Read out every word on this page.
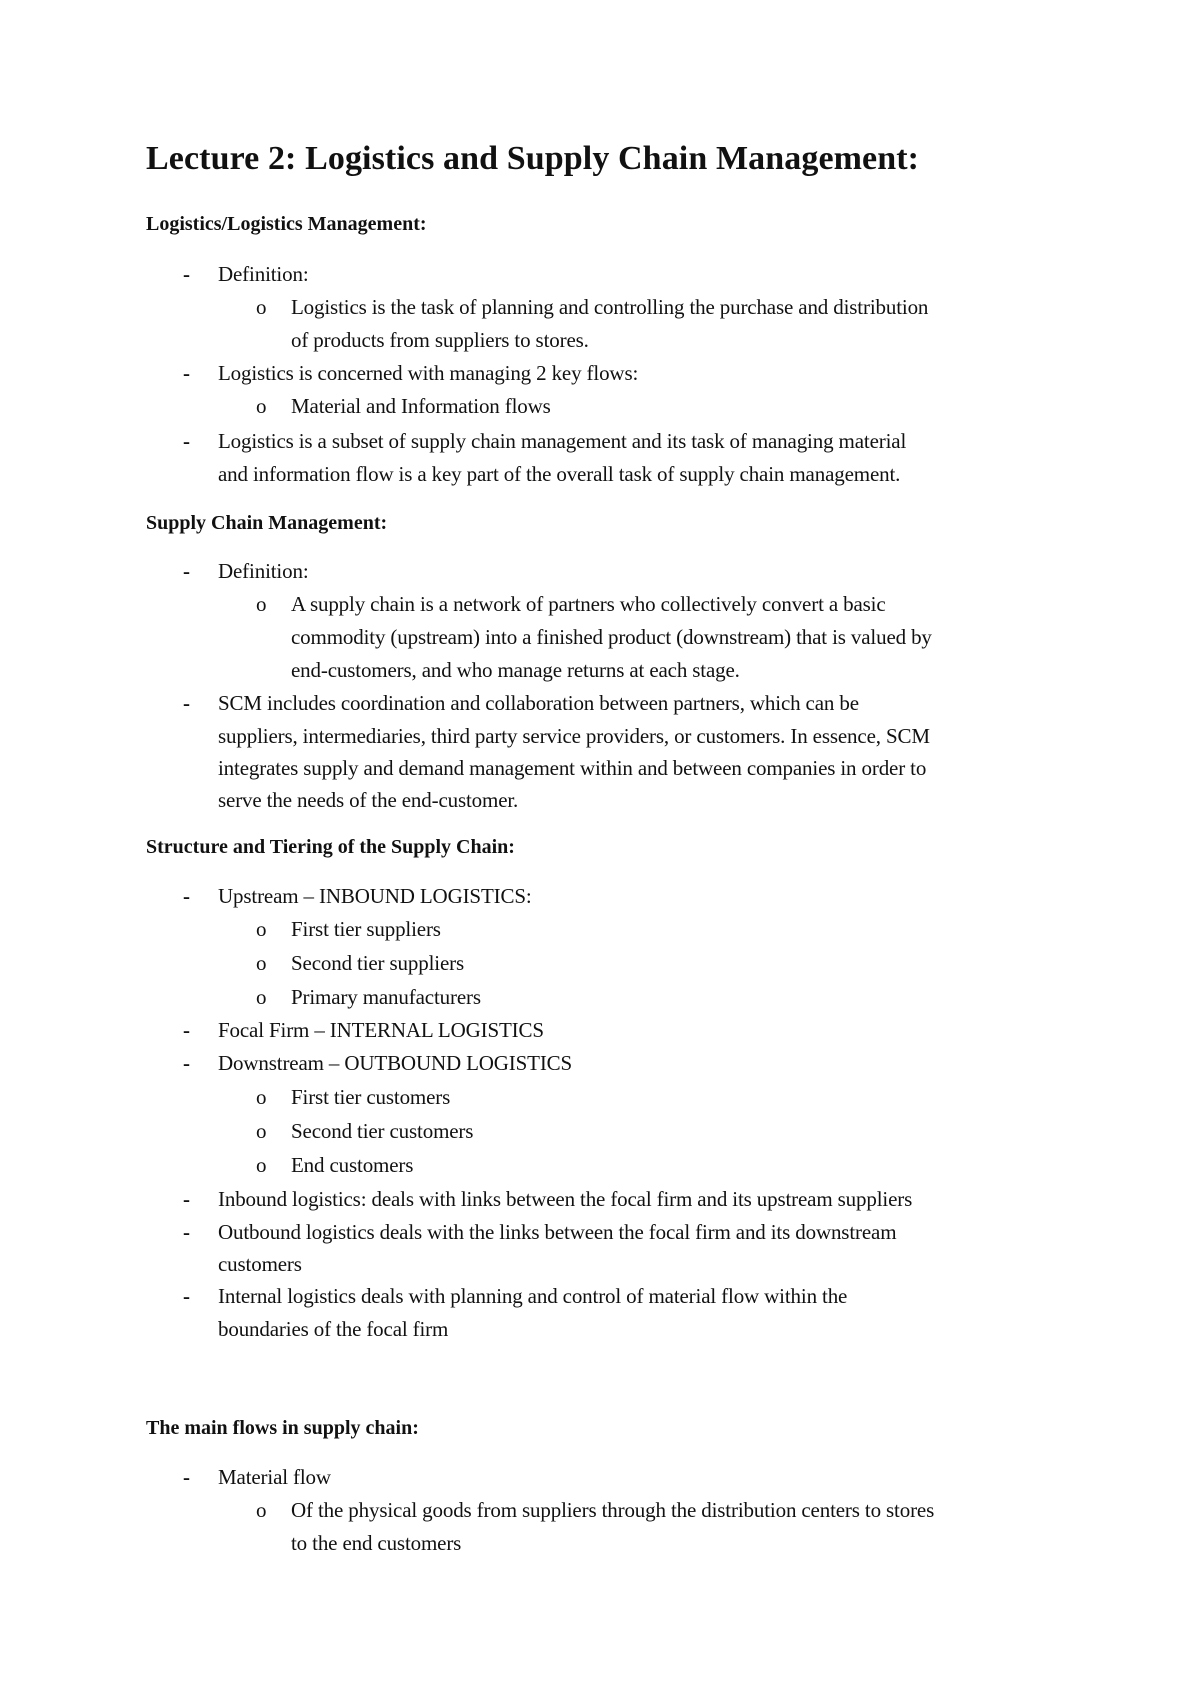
Lecture 2: Logistics and Supply Chain Management:
Logistics/Logistics Management:
- Definition:
o Logistics is the task of planning and controlling the purchase and distribution
of products from suppliers to stores.
- Logistics is concerned with managing 2 key flows:
o Material and Information flows
- Logistics is a subset of supply chain management and its task of managing material
and information flow is a key part of the overall task of supply chain management.
Supply Chain Management:
- Definition:
o A supply chain is a network of partners who collectively convert a basic
commodity (upstream) into a finished product (downstream) that is valued by
end-customers, and who manage returns at each stage.
- SCM includes coordination and collaboration between partners, which can be
suppliers, intermediaries, third party service providers, or customers. In essence, SCM
integrates supply and demand management within and between companies in order to
serve the needs of the end-customer.
Structure and Tiering of the Supply Chain:
- Upstream – INBOUND LOGISTICS:
o First tier suppliers
o Second tier suppliers
o Primary manufacturers
- Focal Firm – INTERNAL LOGISTICS
- Downstream – OUTBOUND LOGISTICS
o First tier customers
o Second tier customers
o End customers
- Inbound logistics: deals with links between the focal firm and its upstream suppliers
- Outbound logistics deals with the links between the focal firm and its downstream
customers
- Internal logistics deals with planning and control of material flow within the
boundaries of the focal firm
The main flows in supply chain:
- Material flow
o Of the physical goods from suppliers through the distribution centers to stores
to the end customers
